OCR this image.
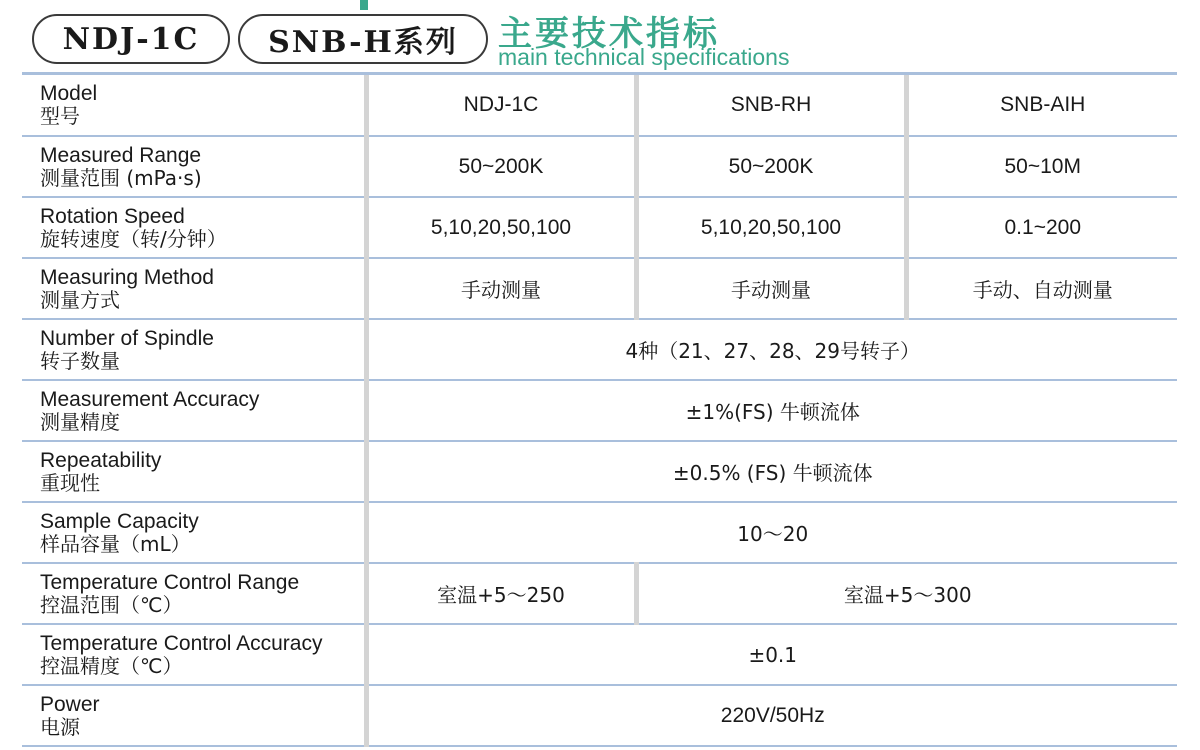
NDJ-1C	SNB-H系列	主要技术指标
main technical specifications
Model
型号	NDJ-1C	SNB-RH	SNB-AIH

Measured Range
测量范围 (mPa·s)	50~200K	50~200K	50~10M

Rotation Speed
旋转速度（转/分钟）	5,10,20,50,100	5,10,20,50,100	0.1~200

Measuring Method
测量方式	手动测量	手动测量	手动、自动测量

Number of Spindle
转子数量	4种（21、27、28、29号转子）		

Measurement Accuracy
测量精度	±1%(FS) 牛顿流体		

Repeatability
重现性	±0.5% (FS) 牛顿流体		

Sample Capacity
样品容量（mL）	10～20		

Temperature Control Range
控温范围（℃）	室温+5～250	室温+5～300	

Temperature Control Accuracy
控温精度（℃）	±0.1		

Power
电源	220V/50Hz		
